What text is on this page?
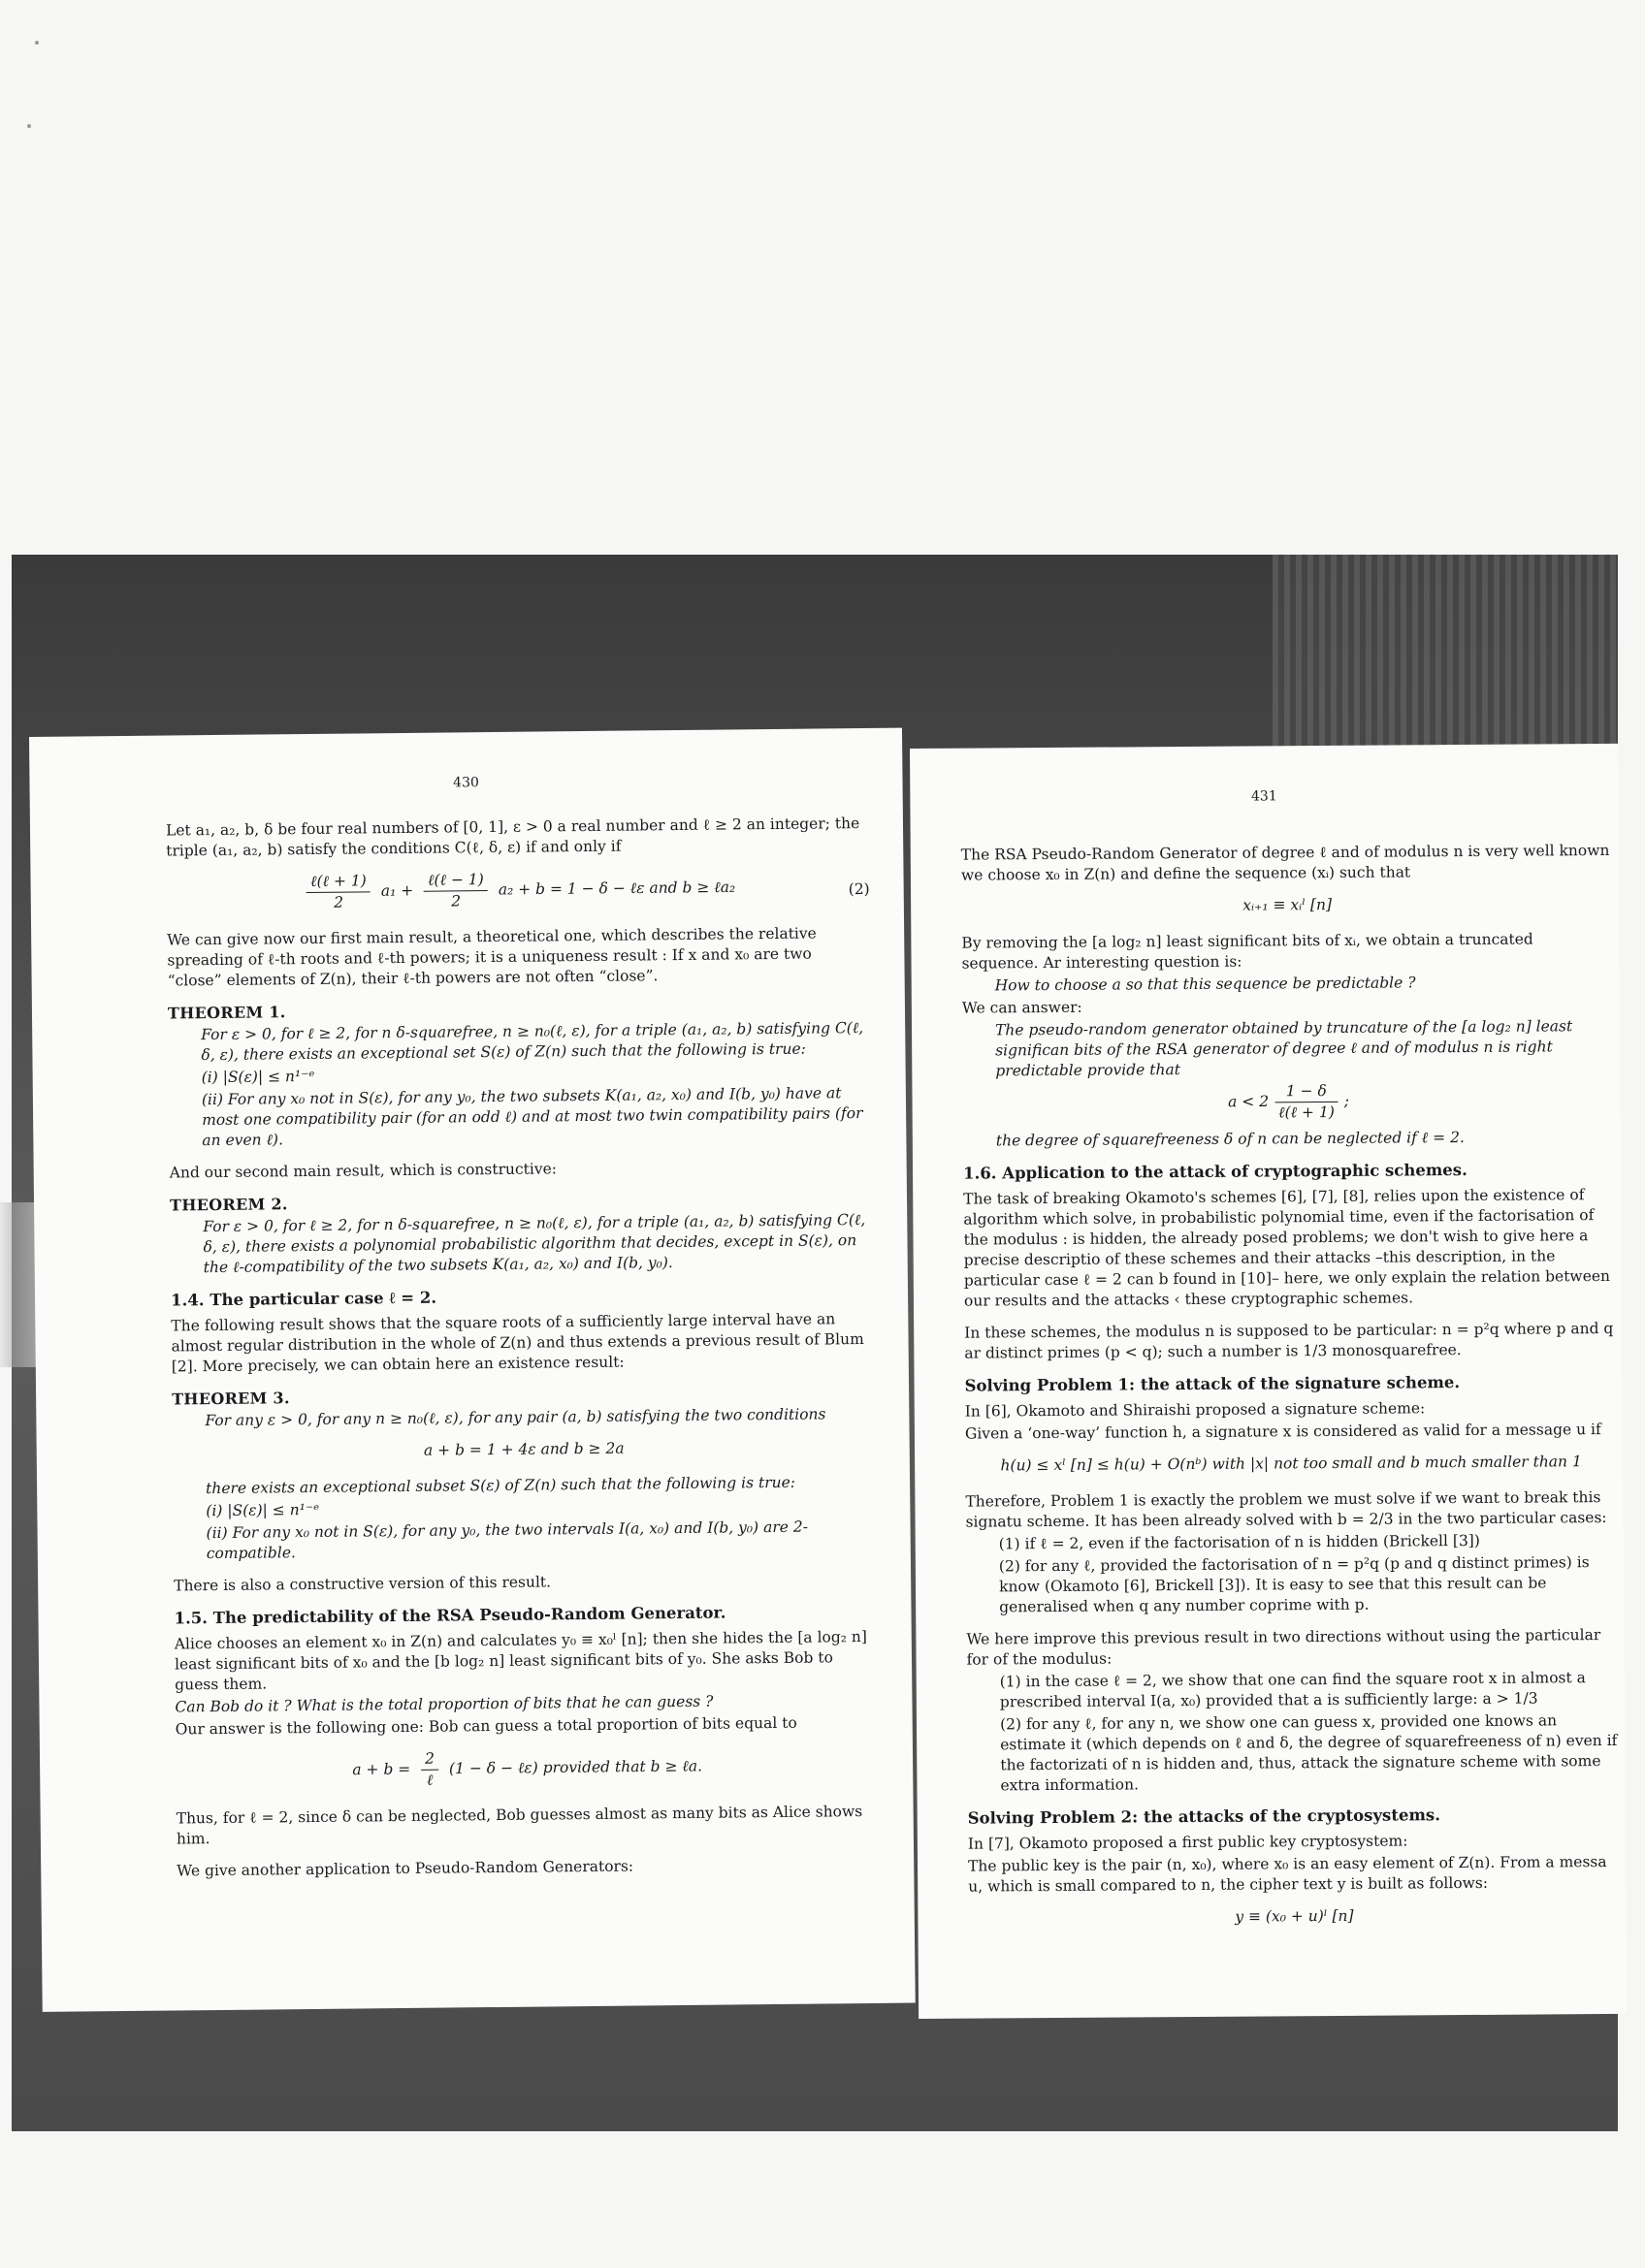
430

Let a₁, a₂, b, δ be four real numbers of [0, 1], ε > 0 a real number and ℓ ≥ 2 an integer; the triple (a₁, a₂, b) satisfy the conditions C(ℓ, δ, ε) if and only if

$\frac{\text{ℓ(ℓ + 1)}}{2} a_1 + \frac{\text{ℓ(ℓ − 1)}}{2} a_2 + b = 1 - \delta$ − ℓε and b ≥ ℓa₂	(2)

We can give now our first main result, a theoretical one, which describes the relative spreading of ℓ-th roots and ℓ-th powers; it is a uniqueness result : If x and x₀ are two “close” elements of Z(n), their ℓ-th powers are not often “close”.

THEOREM 1.

For ε > 0, for ℓ ≥ 2, for n δ-squarefree, n ≥ n₀(ℓ, ε), for a triple (a₁, a₂, b) satisfying C(ℓ, δ, ε), there exists an exceptional set S(ε) of Z(n) such that the following is true:

(i) |S(ε)| ≤ n¹⁻ᵉ

(ii) For any x₀ not in S(ε), for any y₀, the two subsets K(a₁, a₂, x₀) and I(b, y₀) have at most one compatibility pair (for an odd ℓ) and at most two twin compatibility pairs (for an even ℓ).

And our second main result, which is constructive:

THEOREM 2.

For ε > 0, for ℓ ≥ 2, for n δ-squarefree, n ≥ n₀(ℓ, ε), for a triple (a₁, a₂, b) satisfying C(ℓ, δ, ε), there exists a polynomial probabilistic algorithm that decides, except in S(ε), on the ℓ-compatibility of the two subsets K(a₁, a₂, x₀) and I(b, y₀).

1.4. The particular case ℓ = 2.

The following result shows that the square roots of a sufficiently large interval have an almost regular distribution in the whole of Z(n) and thus extends a previous result of Blum [2]. More precisely, we can obtain here an existence result:

THEOREM 3.

For any ε > 0, for any n ≥ n₀(ℓ, ε), for any pair (a, b) satisfying the two conditions

a + b = 1 + 4ε and b ≥ 2a

there exists an exceptional subset S(ε) of Z(n) such that the following is true:

(i) |S(ε)| ≤ n¹⁻ᵉ

(ii) For any x₀ not in S(ε), for any y₀, the two intervals I(a, x₀) and I(b, y₀) are 2-compatible.

There is also a constructive version of this result.

1.5. The predictability of the RSA Pseudo-Random Generator.

Alice chooses an element x₀ in Z(n) and calculates y₀ ≡ x₀ˡ [n]; then she hides the [a log₂ n] least significant bits of x₀ and the [b log₂ n] least significant bits of y₀. She asks Bob to guess them.

Can Bob do it ? What is the total proportion of bits that he can guess ?

Our answer is the following one: Bob can guess a total proportion of bits equal to

$a + b = \frac{2}{\text{ℓ}} (1 - \delta$ − ℓε) provided that b ≥ ℓa.

Thus, for ℓ = 2, since δ can be neglected, Bob guesses almost as many bits as Alice shows him.

We give another application to Pseudo-Random Generators:

431

The RSA Pseudo-Random Generator of degree ℓ and of modulus n is very well known we choose x₀ in Z(n) and define the sequence (xᵢ) such that

xᵢ₊₁ ≡ xᵢˡ [n]

By removing the [a log₂ n] least significant bits of xᵢ, we obtain a truncated sequence. Ar interesting question is:

How to choose a so that this sequence be predictable ?

We can answer:

The pseudo-random generator obtained by truncature of the [a log₂ n] least significan bits of the RSA generator of degree ℓ and of modulus n is right predictable provide that

$a < 2 \frac{1 - \delta}{\text{ℓ(ℓ + 1)}}$ ;

the degree of squarefreeness δ of n can be neglected if ℓ = 2.

1.6. Application to the attack of cryptographic schemes.

The task of breaking Okamoto's schemes [6], [7], [8], relies upon the existence of algorithm which solve, in probabilistic polynomial time, even if the factorisation of the modulus : is hidden, the already posed problems; we don't wish to give here a precise descriptio of these schemes and their attacks –this description, in the particular case ℓ = 2 can b found in [10]– here, we only explain the relation between our results and the attacks ‹ these cryptographic schemes.

In these schemes, the modulus n is supposed to be particular: n = p²q where p and q ar distinct primes (p < q); such a number is 1/3 monosquarefree.

Solving Problem 1: the attack of the signature scheme.

In [6], Okamoto and Shiraishi proposed a signature scheme:

Given a ‘one-way’ function h, a signature x is considered as valid for a message u if

h(u) ≤ xˡ [n] ≤ h(u) + O(nᵇ) with |x| not too small and b much smaller than 1

Therefore, Problem 1 is exactly the problem we must solve if we want to break this signatu scheme. It has been already solved with b = 2/3 in the two particular cases:

(1) if ℓ = 2, even if the factorisation of n is hidden (Brickell [3])

(2) for any ℓ, provided the factorisation of n = p²q (p and q distinct primes) is know (Okamoto [6], Brickell [3]). It is easy to see that this result can be generalised when q any number coprime with p.

We here improve this previous result in two directions without using the particular for of the modulus:

(1) in the case ℓ = 2, we show that one can find the square root x in almost a prescribed interval I(a, x₀) provided that a is sufficiently large: a > 1/3

(2) for any ℓ, for any n, we show one can guess x, provided one knows an estimate it (which depends on ℓ and δ, the degree of squarefreeness of n) even if the factorizati of n is hidden and, thus, attack the signature scheme with some extra information.

Solving Problem 2: the attacks of the cryptosystems.

In [7], Okamoto proposed a first public key cryptosystem:

The public key is the pair (n, x₀), where x₀ is an easy element of Z(n). From a messa u, which is small compared to n, the cipher text y is built as follows:

y ≡ (x₀ + u)ˡ [n]
